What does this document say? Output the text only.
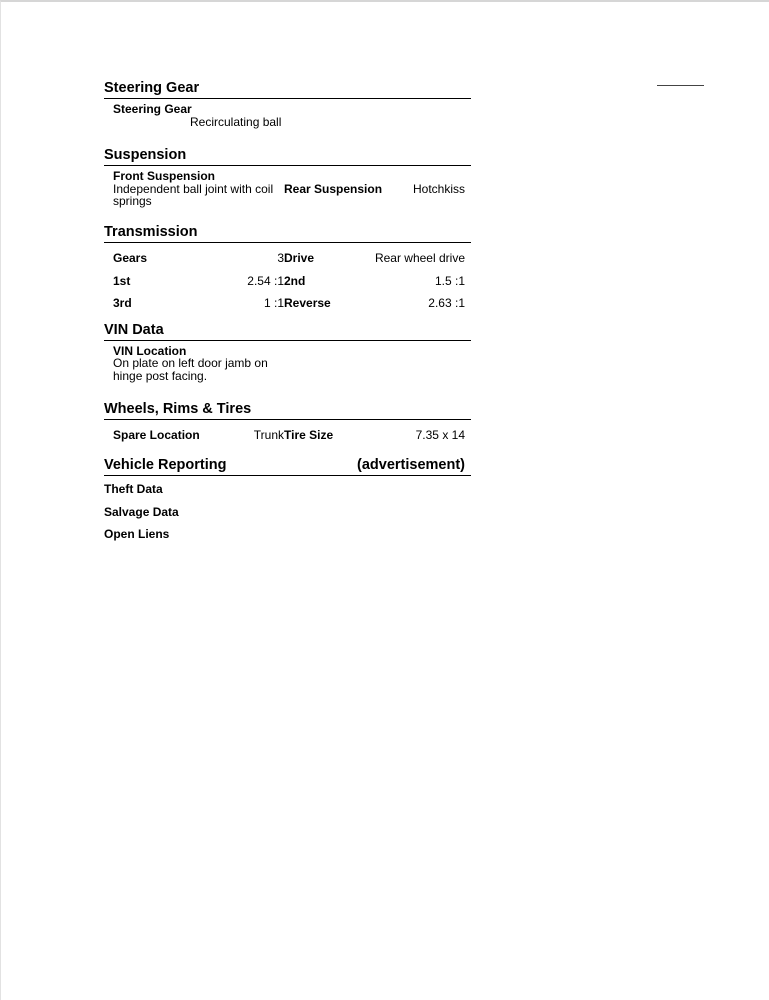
Steering Gear
Steering Gear
Recirculating ball
Suspension
Front Suspension
Independent ball joint with coil springs
Rear Suspension	Hotchkiss
Transmission
Gears	3 Drive	Rear wheel drive
1st	2.54 :1 2nd	1.5 :1
3rd	1 :1 Reverse	2.63 :1
VIN Data
VIN Location
On plate on left door jamb on hinge post facing.
Wheels, Rims & Tires
Spare Location	Trunk Tire Size	7.35 x 14
Vehicle Reporting	(advertisement)
Theft Data
Salvage Data
Open Liens
